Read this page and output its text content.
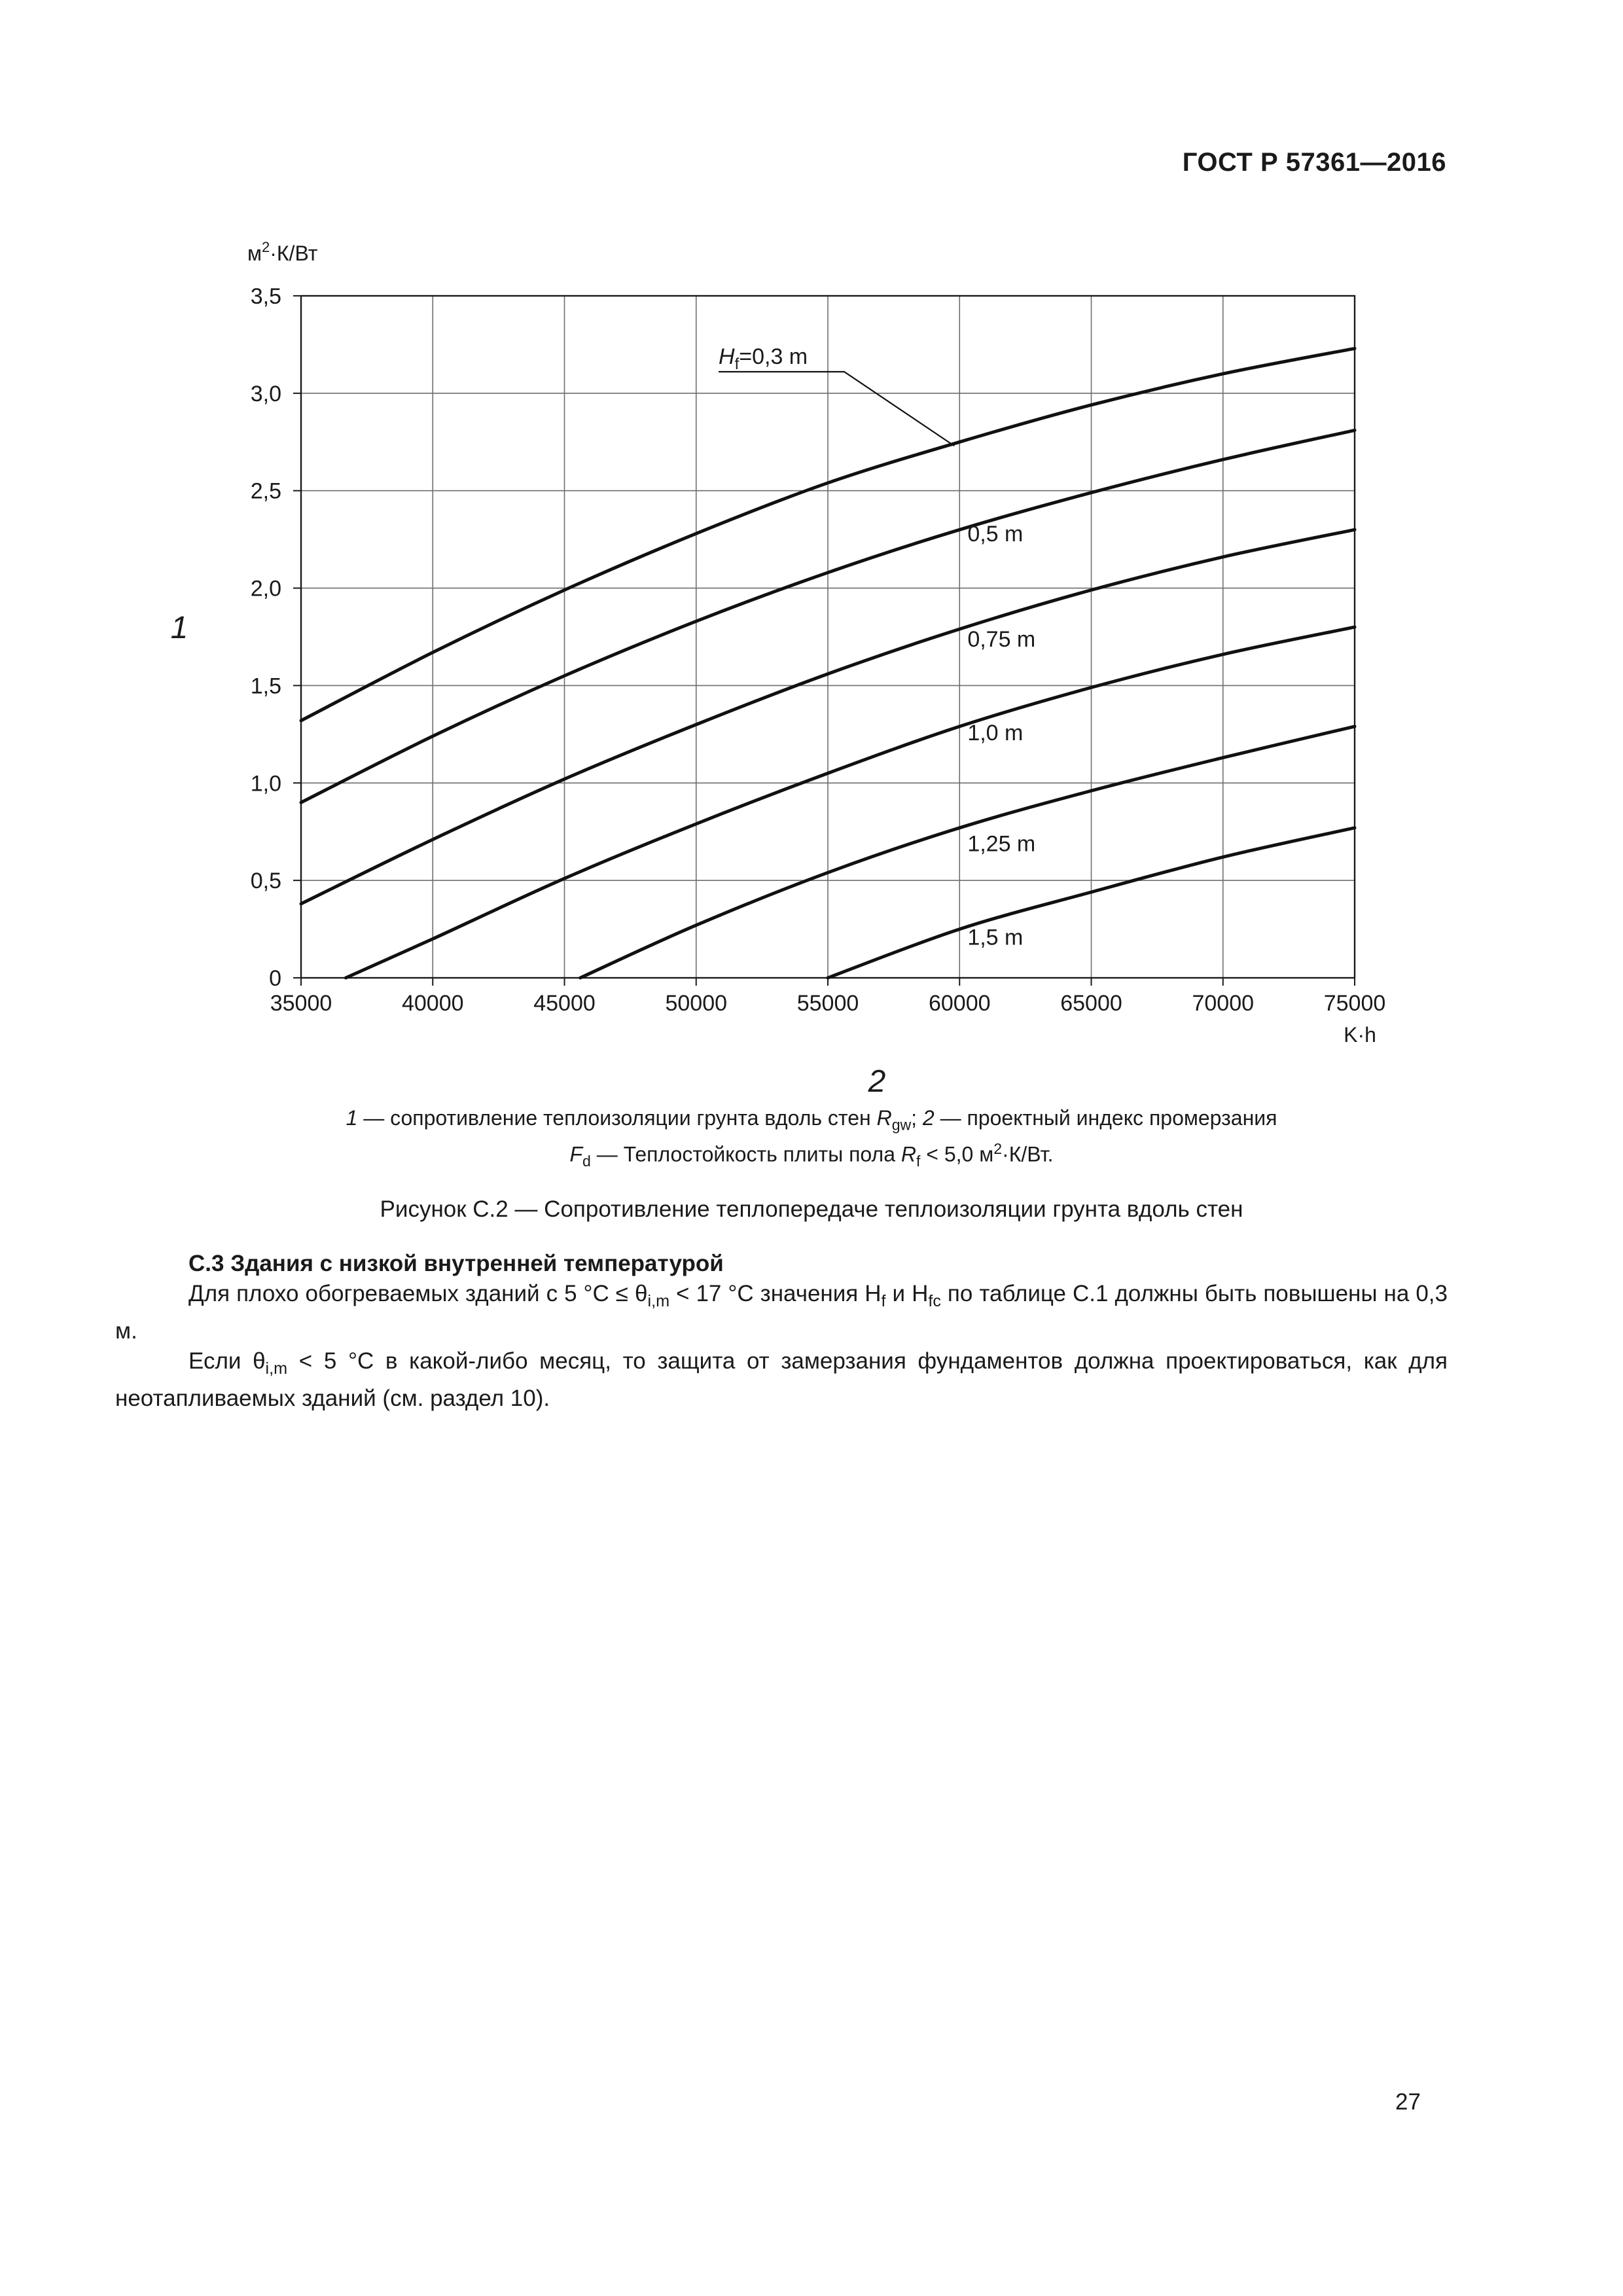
ГОСТ Р 57361—2016
35000	40000	45000	50000	55000	60000	65000	70000	75000
0
0,5
1,0
1,5
2,0
2,5
3,0
3,5
$м^2\cdot К/Вт$
K·h
1
2
0,5 m
0,75 m
1,0 m
1,25 m
1,5 m
$H_f=0,3$ m
1 — сопротивление теплоизоляции грунта вдоль стен $R_{gw}$; 2 — проектный индекс промерзания
$F_d$ — Теплостойкость плиты пола $R_f < 5,0$ $м^2\cdot К/Вт$.
Рисунок С.2 — Сопротивление теплопередаче теплоизоляции грунта вдоль стен
С.3 Здания с низкой внутренней температурой
Для плохо обогреваемых зданий с 5 $^\circ С \le \theta_{i,m} < 17$ °С значения $H_f$ и $H_{fc}$ по таблице С.1 должны быть повышены на 0,3 м.
Если $\theta_{i,m} < 5$ °С в какой-либо месяц, то защита от замерзания фундаментов должна проектироваться, как для неотапливаемых зданий (см. раздел 10).
27
